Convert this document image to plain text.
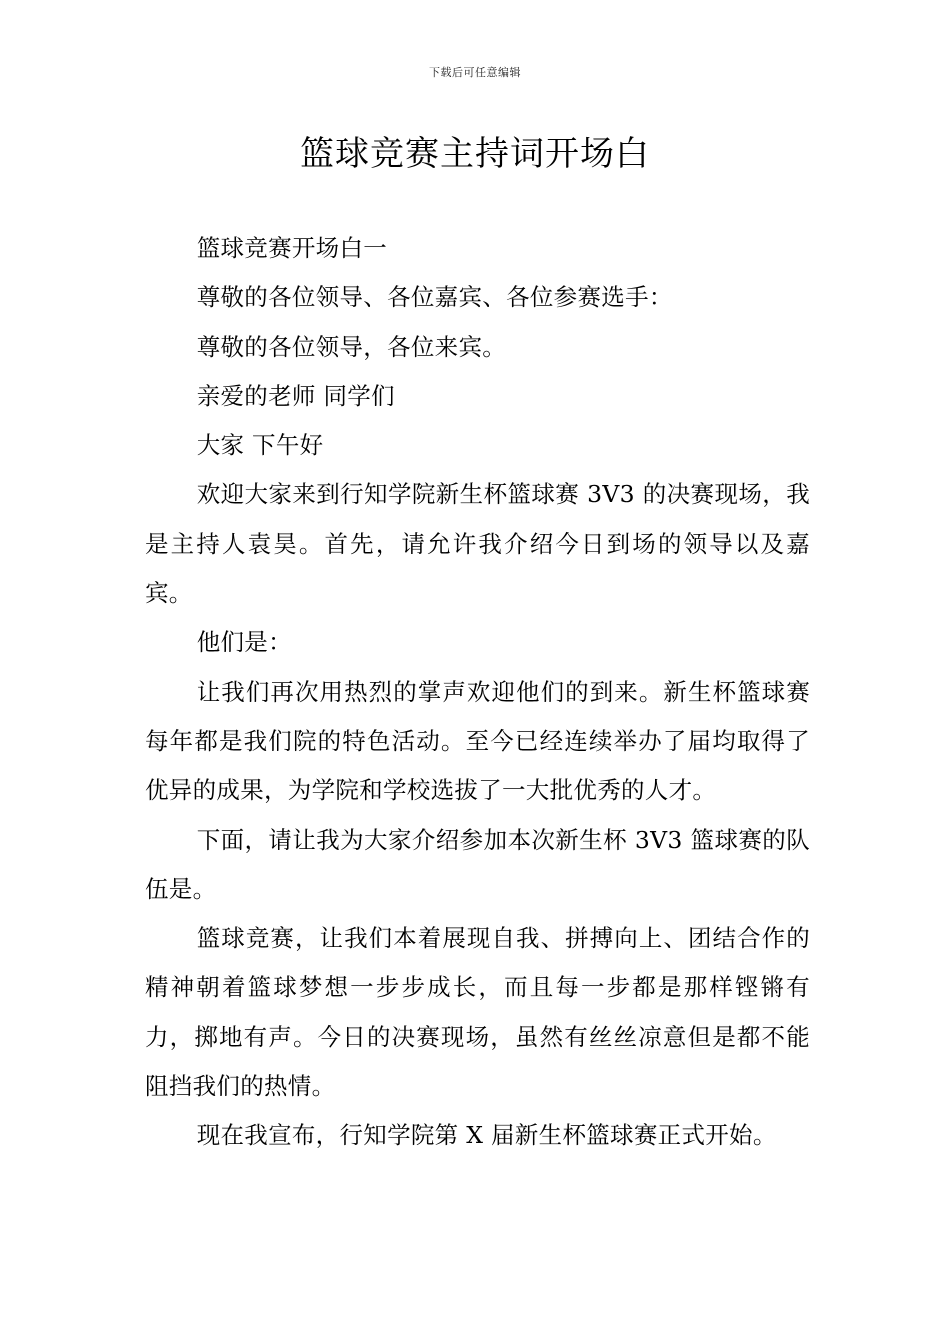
下载后可任意编辑
篮球竞赛主持词开场白

篮球竞赛开场白一

尊敬的各位领导、各位嘉宾、各位参赛选手：

尊敬的各位领导，各位来宾。

亲爱的老师 同学们

大家 下午好

欢迎大家来到行知学院新生杯篮球赛 3V3 的决赛现场，我是主持人袁昊。首先，请允许我介绍今日到场的领导以及嘉宾。

他们是：

让我们再次用热烈的掌声欢迎他们的到来。新生杯篮球赛每年都是我们院的特色活动。至今已经连续举办了届均取得了优异的成果，为学院和学校选拔了一大批优秀的人才。

下面，请让我为大家介绍参加本次新生杯 3V3 篮球赛的队伍是。

篮球竞赛，让我们本着展现自我、拼搏向上、团结合作的精神朝着篮球梦想一步步成长，而且每一步都是那样铿锵有力，掷地有声。今日的决赛现场，虽然有丝丝凉意但是都不能阻挡我们的热情。

现在我宣布，行知学院第 X 届新生杯篮球赛正式开始。
